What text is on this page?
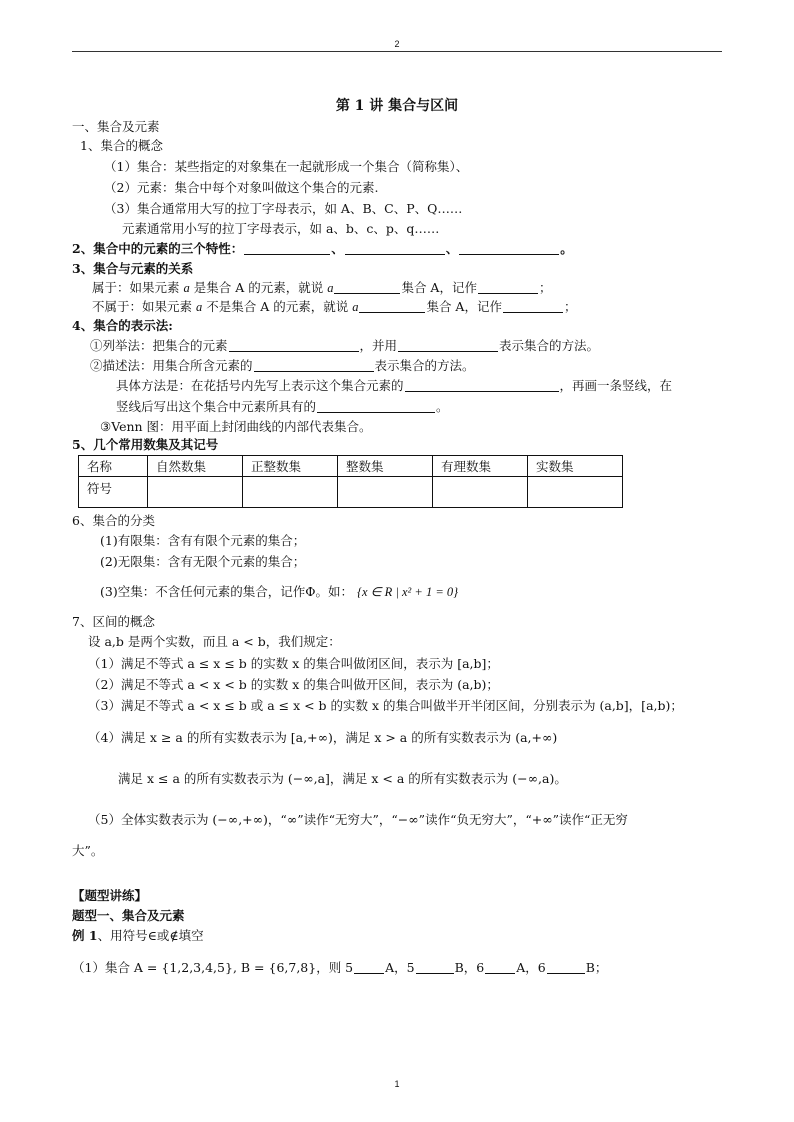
2
第 1 讲 集合与区间
一、集合及元素
1、集合的概念
（1）集合：某些指定的对象集在一起就形成一个集合（简称集）、
（2）元素：集合中每个对象叫做这个集合的元素.
（3）集合通常用大写的拉丁字母表示，如 A、B、C、P、Q……
元素通常用小写的拉丁字母表示，如 a、b、c、p、q……
2、集合中的元素的三个特性：	、	、	。
3、集合与元素的关系
属于：如果元素 a 是集合 A 的元素，就说 a	集合 A，记作	；
不属于：如果元素 a 不是集合 A 的元素，就说 a	集合 A，记作	；
4、集合的表示法:
①列举法：把集合的元素	，并用	表示集合的方法。
②描述法：用集合所含元素的	表示集合的方法。
具体方法是：在花括号内先写上表示这个集合元素的	，再画一条竖线，在
竖线后写出这个集合中元素所具有的	。
③Venn 图：用平面上封闭曲线的内部代表集合。
5、几个常用数集及其记号
名称	自然数集	正整数集	整数集	有理数集	实数集
符号					
6、集合的分类
(1)有限集：含有有限个元素的集合；
(2)无限集：含有无限个元素的集合；
(3)空集：不含任何元素的集合，记作Φ。如： {x ∈ R | x² + 1 = 0}
7、区间的概念
设 a,b 是两个实数，而且 a < b，我们规定：
（1）满足不等式 a ≤ x ≤ b 的实数 x 的集合叫做闭区间，表示为 [a,b]；
（2）满足不等式 a < x < b 的实数 x 的集合叫做开区间，表示为 (a,b)；
（3）满足不等式 a < x ≤ b 或 a ≤ x < b 的实数 x 的集合叫做半开半闭区间，分别表示为 (a,b]，[a,b)；
（4）满足 x ≥ a 的所有实数表示为 [a,+∞)，满足 x > a 的所有实数表示为 (a,+∞)
满足 x ≤ a 的所有实数表示为 (−∞,a]，满足 x < a 的所有实数表示为 (−∞,a)。
（5）全体实数表示为 (−∞,+∞)，“∞”读作“无穷大”，“−∞”读作“负无穷大”，“+∞”读作“正无穷
大”。
【题型讲练】
题型一、集合及元素
例 1、用符号∈或∉填空
（1）集合 A = {1,2,3,4,5}, B = {6,7,8}，则 5	A，5	B，6	A，6	B；
1
